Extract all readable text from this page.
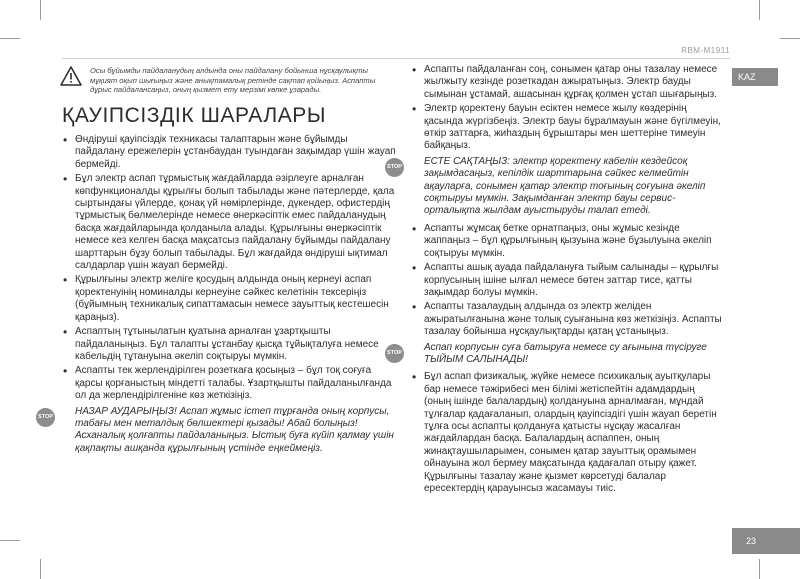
RBM-M1911
KAZ
23
Осы бұйымды пайдаланудың алдында оны пайдалану бойынша нұсқаулықты мұқият оқып шығыңыз және анықтамалық ретінде сақтап қойыңыз. Аспапты дұрыс пайдалансаңыз, оның қызмет ету мерзімі көпке ұзарады.
ҚАУІПСІЗДІК ШАРАЛАРЫ
• Өндіруші қауіпсіздік техникасы талаптарын және бұйымды пайдалану ережелерін ұстанбаудан туындаған зақымдар үшін жауап бермейді.
• Бұл электр аспап тұрмыстық жағдайларда әзірлеуге арналған көпфункционалды құрылғы болып табылады және пәтерлерде, қала сыртындағы үйлерде, қонақ үй нөмірлерінде, дүкендер, офистердің тұрмыстық бөлмелерінде немесе өнеркәсіптік емес пайдаланудың басқа жағдайларында қолданыла алады. Құрылғыны өнеркәсіптік немесе кез келген басқа мақсатсыз пайдалану бұйымды пайдалану шарттарын бұзу болып табылады. Бұл жағдайда өндіруші ықтимал салдарлар үшін жауап бермейді.
• Құрылғыны электр желіге қосудың алдында оның кернеуі аспап қоректенуінің номиналды кернеуіне сәйкес келетінін тексеріңіз (бұйымның техникалық сипаттамасын немесе зауыттық кестешесін қараңыз).
• Аспаптың тұтынылатын қуатына арналған ұзартқышты пайдаланыңыз. Бұл талапты ұстанбау қысқа тұйықталуға немесе кабельдің тұтануына әкеліп соқтыруы мүмкін.
• Аспапты тек жерлендірілген розеткаға қосыңыз – бұл тоқ соғуға қарсы қорғаныстың міндетті талабы. Ұзартқышты пайдаланылғанда ол да жерлендірілгеніне көз жеткізіңіз.
STOP НАЗАР АУДАРЫҢЫЗ! Аспап жұмыс істеп тұрғанда оның корпусы, табағы мен металдық бөлшектері қызады! Абай болыңыз! Асханалық қолғапты пайдаланыңыз. Ыстық буға күйіп қалмау үшін қақпақты ашқанда құрылғының үстінде еңкеймеңіз.
• Аспапты пайдаланған соң, сонымен қатар оны тазалау немесе жылжыту кезінде розеткадан ажыратыңыз. Электр бауды сымынан ұстамай, ашасынан құрғақ қолмен ұстап шығарыңыз.
• Электр қоректену бауын есіктен немесе жылу көздерінің қасында жүргізбеңіз. Электр бауы бұралмауын және бүгілмеуін, өткір заттарға, жиһаздың бұрыштары мен шеттеріне тимеуін байқаңыз.
STOP ЕСТЕ САҚТАҢЫЗ: электр қоректену кабелін кездейсоқ зақымдасаңыз, кепілдік шарттарына сәйкес келмейтін ақауларға, сонымен қатар электр тоғының соғуына әкеліп соқтыруы мүмкін. Зақымданған электр бауы сервис-орталықта жылдам ауыстыруды талап етеді.
• Аспапты жұмсақ бетке орнатпаңыз, оны жұмыс кезінде жаппаңыз – бұл құрылғының қызуына және бұзылуына әкеліп соқтыруы мүмкін.
• Аспапты ашық ауада пайдалануға тыйым салынады – құрылғы корпусының ішіне ылғал немесе бөтен заттар тисе, қатты зақымдар болуы мүмкін.
• Аспапты тазалаудың алдында оз электр желіден ажыратылғанына және толық суығанына көз жеткізіңіз. Аспапты тазалау бойынша нұсқаулықтарды қатаң ұстаныңыз.
STOP Аспап корпусын суға батыруға немесе су ағынына түсіруге ТЫЙЫМ САЛЫНАДЫ!
• Бұл аспап физикалық, жүйке немесе психикалық ауытқулары бар немесе тәжірибесі мен білімі жетіспейтін адамдардың (оның ішінде балалардың) қолдануына арналмаған, мұндай тұлғалар қадағаланып, олардың қауіпсіздігі үшін жауап беретін тұлға осы аспапты қолдануға қатысты нұсқау жасалған жағдайлардан басқа. Балалардың аспаппен, оның жинақтаушыларымен, сонымен қатар зауыттық орамымен ойнауына жол бермеу мақсатында қадағалап отыру қажет. Құрылғыны тазалау және қызмет көрсетуді балалар ересектердің қарауынсыз жасамауы тиіс.
